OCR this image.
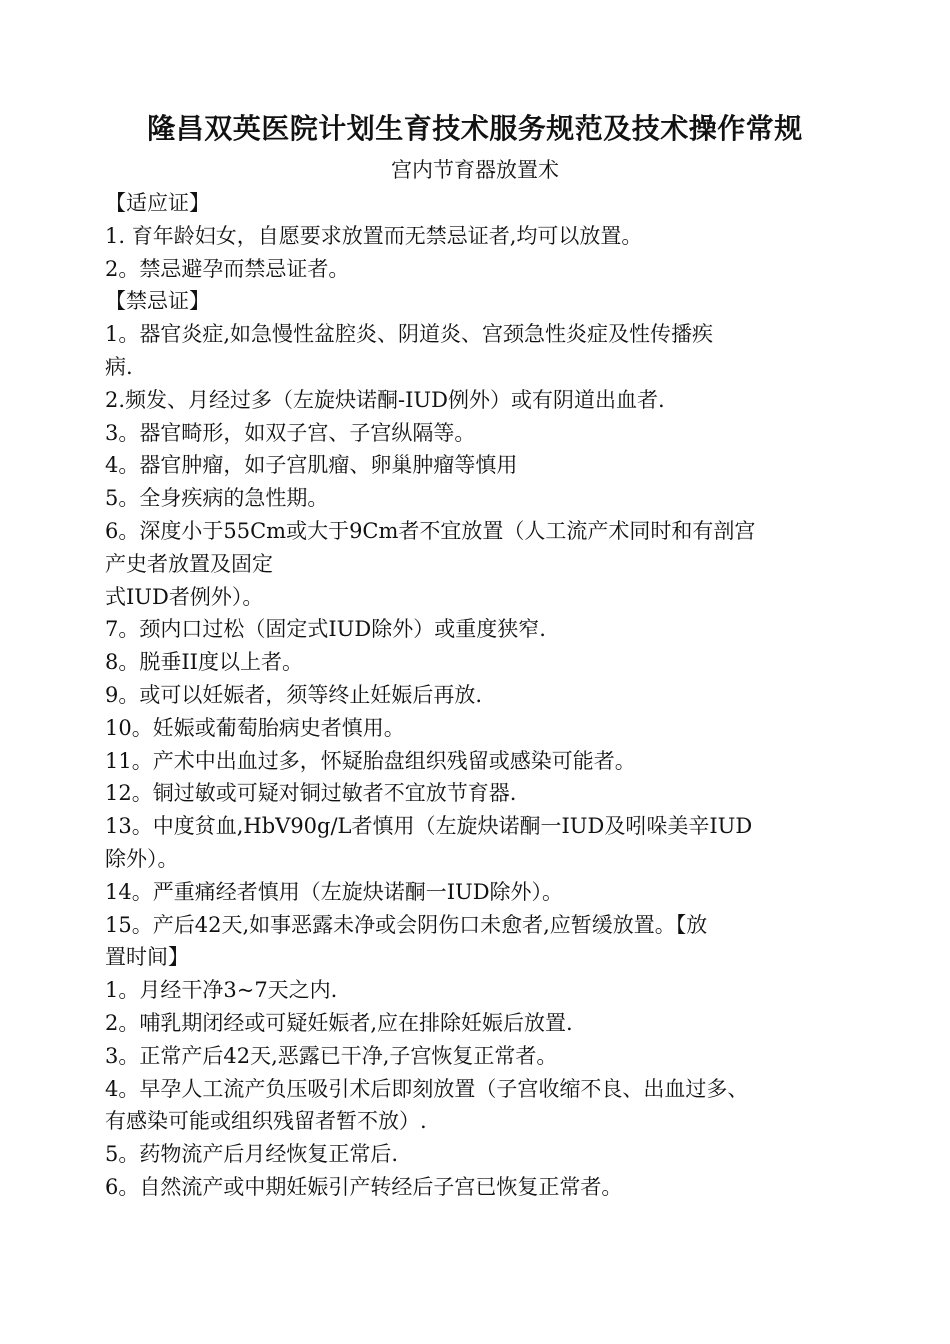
隆昌双英医院计划生育技术服务规范及技术操作常规
宫内节育器放置术
【适应证】
1. 育年龄妇女，自愿要求放置而无禁忌证者,均可以放置。
2。禁忌避孕而禁忌证者。
【禁忌证】
1。器官炎症,如急慢性盆腔炎、阴道炎、宫颈急性炎症及性传播疾
病.
2.频发、月经过多（左旋炔诺酮-IUD例外）或有阴道出血者.
3。器官畸形，如双子宫、子宫纵隔等。
4。器官肿瘤，如子宫肌瘤、卵巢肿瘤等慎用
5。全身疾病的急性期。
6。深度小于55Cm或大于9Cm者不宜放置（人工流产术同时和有剖宫
产史者放置及固定
式IUD者例外）。
7。颈内口过松（固定式IUD除外）或重度狭窄.
8。脱垂II度以上者。
9。或可以妊娠者，须等终止妊娠后再放.
10。妊娠或葡萄胎病史者慎用。
11。产术中出血过多，怀疑胎盘组织残留或感染可能者。
12。铜过敏或可疑对铜过敏者不宜放节育器.
13。中度贫血,HbV90g/L者慎用（左旋炔诺酮一IUD及吲哚美辛IUD
除外）。
14。严重痛经者慎用（左旋炔诺酮一IUD除外）。
15。产后42天,如事恶露未净或会阴伤口未愈者,应暂缓放置。【放
置时间】
1。月经干净3~7天之内.
2。哺乳期闭经或可疑妊娠者,应在排除妊娠后放置.
3。正常产后42天,恶露已干净,子宫恢复正常者。
4。早孕人工流产负压吸引术后即刻放置（子宫收缩不良、出血过多、
有感染可能或组织残留者暂不放）.
5。药物流产后月经恢复正常后.
6。自然流产或中期妊娠引产转经后子宫已恢复正常者。
